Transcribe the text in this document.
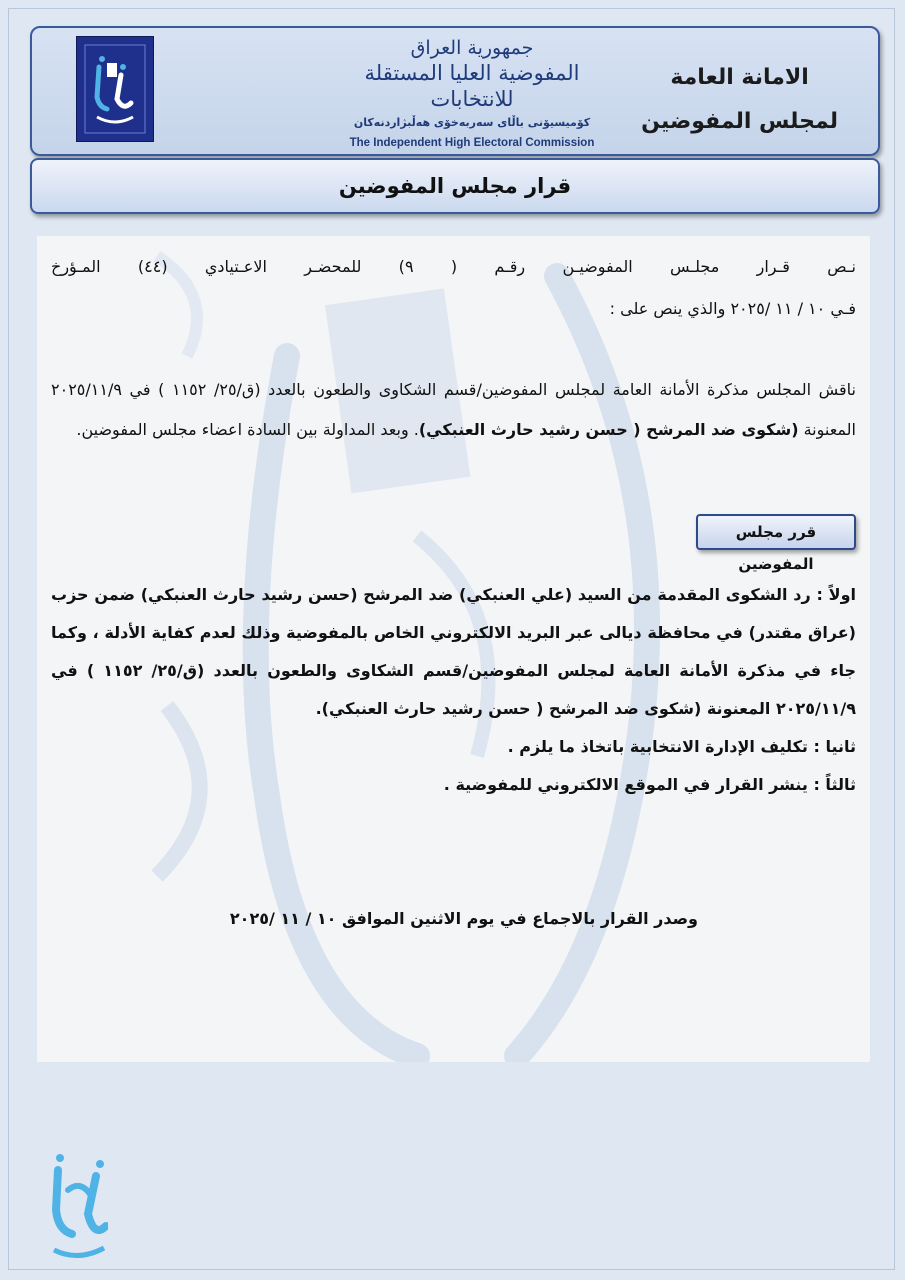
جمهورية العراق
المفوضية العليا المستقلة للانتخابات
كۆمیسیۆنی باڵای سەربەخۆی هەڵبژاردنەکان
The Independent High Electoral Commission
الامانة العامة
لمجلس المفوضين
قرار مجلس المفوضين
نـص قـرار مجلـس المفوضيـن رقـم ( ٩) للمحضـر الاعـتيادي (٤٤) المـؤرخ
فـي ١٠ / ١١ /٢٠٢٥ والذي ينص على :
ناقش المجلس مذكرة الأمانة العامة لمجلس المفوضين/قسم الشكاوى والطعون بالعدد (ق/٢٥/ ١١٥٢ ) في ٢٠٢٥/١١/٩ المعنونة (شكوى ضد المرشح ( حسن رشيد حارث العنبكي). وبعد المداولة بين السادة اعضاء مجلس المفوضين.
قرر مجلس المفوضين

اولاً : رد الشكوى المقدمة من السيد (علي العنبكي) ضد المرشح (حسن رشيد حارث العنبكي) ضمن حزب (عراق مقتدر) في محافظة ديالى عبر البريد الالكتروني الخاص بالمفوضية وذلك لعدم كفاية الأدلة ، وكما جاء في مذكرة الأمانة العامة لمجلس المفوضين/قسم الشكاوى والطعون بالعدد (ق/٢٥/ ١١٥٢ ) في ٢٠٢٥/١١/٩ المعنونة (شكوى ضد المرشح ( حسن رشيد حارث العنبكي).

ثانيا : تكليف الإدارة الانتخابية باتخاذ ما يلزم .

ثالثاً : ينشر القرار في الموقع الالكتروني للمفوضية .

وصدر القرار بالاجماع في يوم الاثنين الموافق ١٠ / ١١ /٢٠٢٥
